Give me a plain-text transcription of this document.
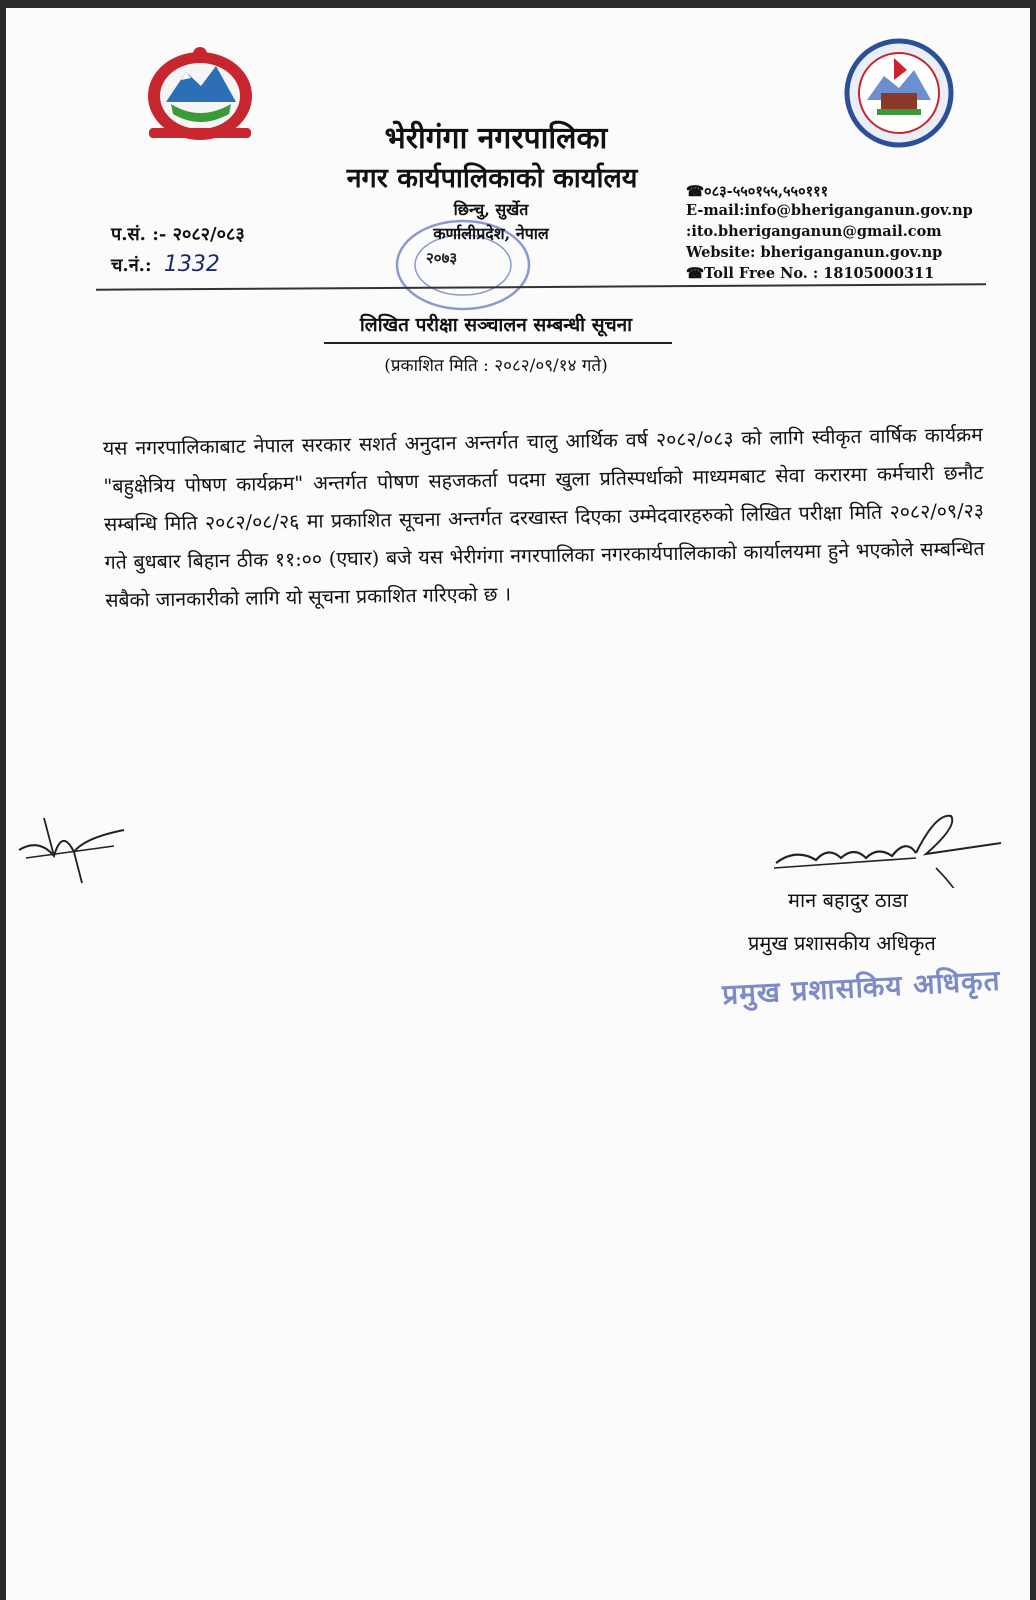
भेरीगंगा नगरपालिका
नगर कार्यपालिकाको कार्यालय
छिन्चु, सुर्खेत
कर्णालीप्रदेश, नेपाल
२०७३
प.सं. :- २०८२/०८३
च.नं.: 1332
☎०८३-५५०१५५,५५०१११
E-mail:info@bheriganganun.gov.np
:ito.bheriganganun@gmail.com
Website: bheriganganun.gov.np
☎Toll Free No. : 18105000311
लिखित परीक्षा सञ्चालन सम्बन्धी सूचना
(प्रकाशित मिति : २०८२/०९/१४ गते)

यस नगरपालिकाबाट नेपाल सरकार सशर्त अनुदान अन्तर्गत चालु आर्थिक वर्ष २०८२/०८३ को लागि स्वीकृत वार्षिक कार्यक्रम "बहुक्षेत्रिय पोषण कार्यक्रम" अन्तर्गत पोषण सहजकर्ता पदमा खुला प्रतिस्पर्धाको माध्यमबाट सेवा करारमा कर्मचारी छनौट सम्बन्धि मिति २०८२/०८/२६ मा प्रकाशित सूचना अन्तर्गत दरखास्त दिएका उम्मेदवारहरुको लिखित परीक्षा मिति २०८२/०९/२३ गते बुधबार बिहान ठीक ११:०० (एघार) बजे यस भेरीगंगा नगरपालिका नगरकार्यपालिकाको कार्यालयमा हुने भएकोले सम्बन्धित सबैको जानकारीको लागि यो सूचना प्रकाशित गरिएको छ ।

मान बहादुर ठाडा
प्रमुख प्रशासकीय अधिकृत
प्रमुख प्रशासकिय अधिकृत
